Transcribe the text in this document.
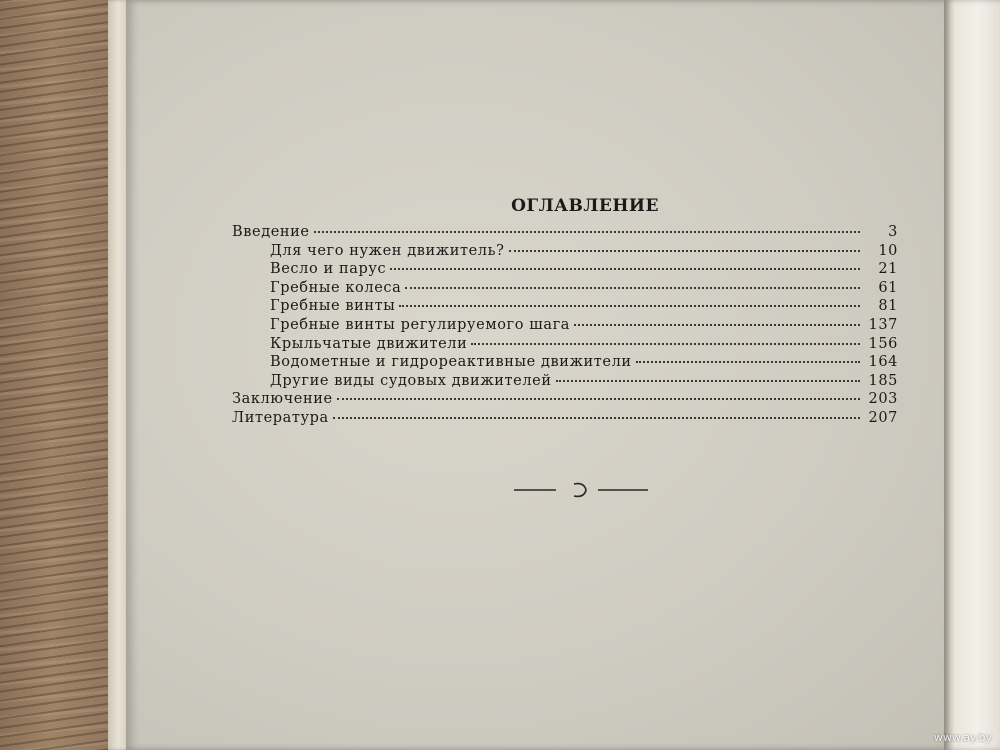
ОГЛАВЛЕНИЕ
Введение	3
Для чего нужен движитель?	10
Весло и парус	21
Гребные колеса	61
Гребные винты	81
Гребные винты регулируемого шага	137
Крыльчатые движители	156
Водометные и гидрореактивные движители	164
Другие виды судовых движителей	185
Заключение	203
Литература	207
www.ay.by
